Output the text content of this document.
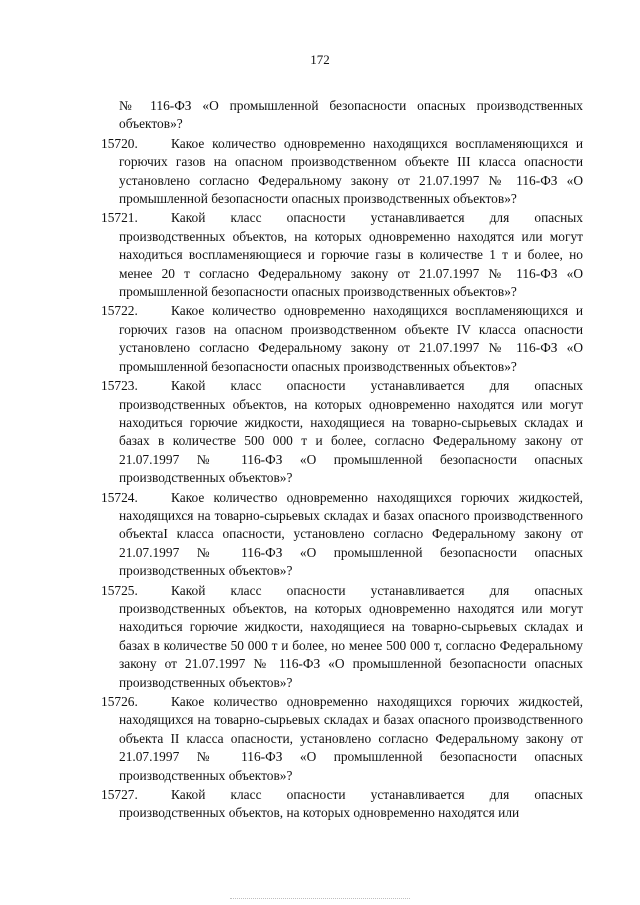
172

№ 116-ФЗ «О промышленной безопасности опасных производственных объектов»?

15720.	Какое количество одновременно находящихся воспламеняющихся и горючих газов на опасном производственном объекте III класса опасности установлено согласно Федеральному закону от 21.07.1997 № 116-ФЗ «О промышленной безопасности опасных производственных объектов»?
15721.	Какой класс опасности устанавливается для опасных производственных объектов, на которых одновременно находятся или могут находиться воспламеняющиеся и горючие газы в количестве 1 т и более, но менее 20 т согласно Федеральному закону от 21.07.1997 № 116-ФЗ «О промышленной безопасности опасных производственных объектов»?
15722.	Какое количество одновременно находящихся воспламеняющихся и горючих газов на опасном производственном объекте IV класса опасности установлено согласно Федеральному закону от 21.07.1997 № 116-ФЗ «О промышленной безопасности опасных производственных объектов»?
15723.	Какой класс опасности устанавливается для опасных производственных объектов, на которых одновременно находятся или могут находиться горючие жидкости, находящиеся на товарно-сырьевых складах и базах в количестве 500 000 т и более, согласно Федеральному закону от 21.07.1997 № 116-ФЗ «О промышленной безопасности опасных производственных объектов»?
15724.	Какое количество одновременно находящихся горючих жидкостей, находящихся на товарно-сырьевых складах и базах опасного производственного объектаI класса опасности, установлено согласно Федеральному закону от 21.07.1997 № 116-ФЗ «О промышленной безопасности опасных производственных объектов»?
15725.	Какой класс опасности устанавливается для опасных производственных объектов, на которых одновременно находятся или могут находиться горючие жидкости, находящиеся на товарно-сырьевых складах и базах в количестве 50 000 т и более, но менее 500 000 т, согласно Федеральному закону от 21.07.1997 № 116-ФЗ «О промышленной безопасности опасных производственных объектов»?
15726.	Какое количество одновременно находящихся горючих жидкостей, находящихся на товарно-сырьевых складах и базах опасного производственного объекта II класса опасности, установлено согласно Федеральному закону от 21.07.1997 № 116-ФЗ «О промышленной безопасности опасных производственных объектов»?
15727.	Какой класс опасности устанавливается для опасных производственных объектов, на которых одновременно находятся или
